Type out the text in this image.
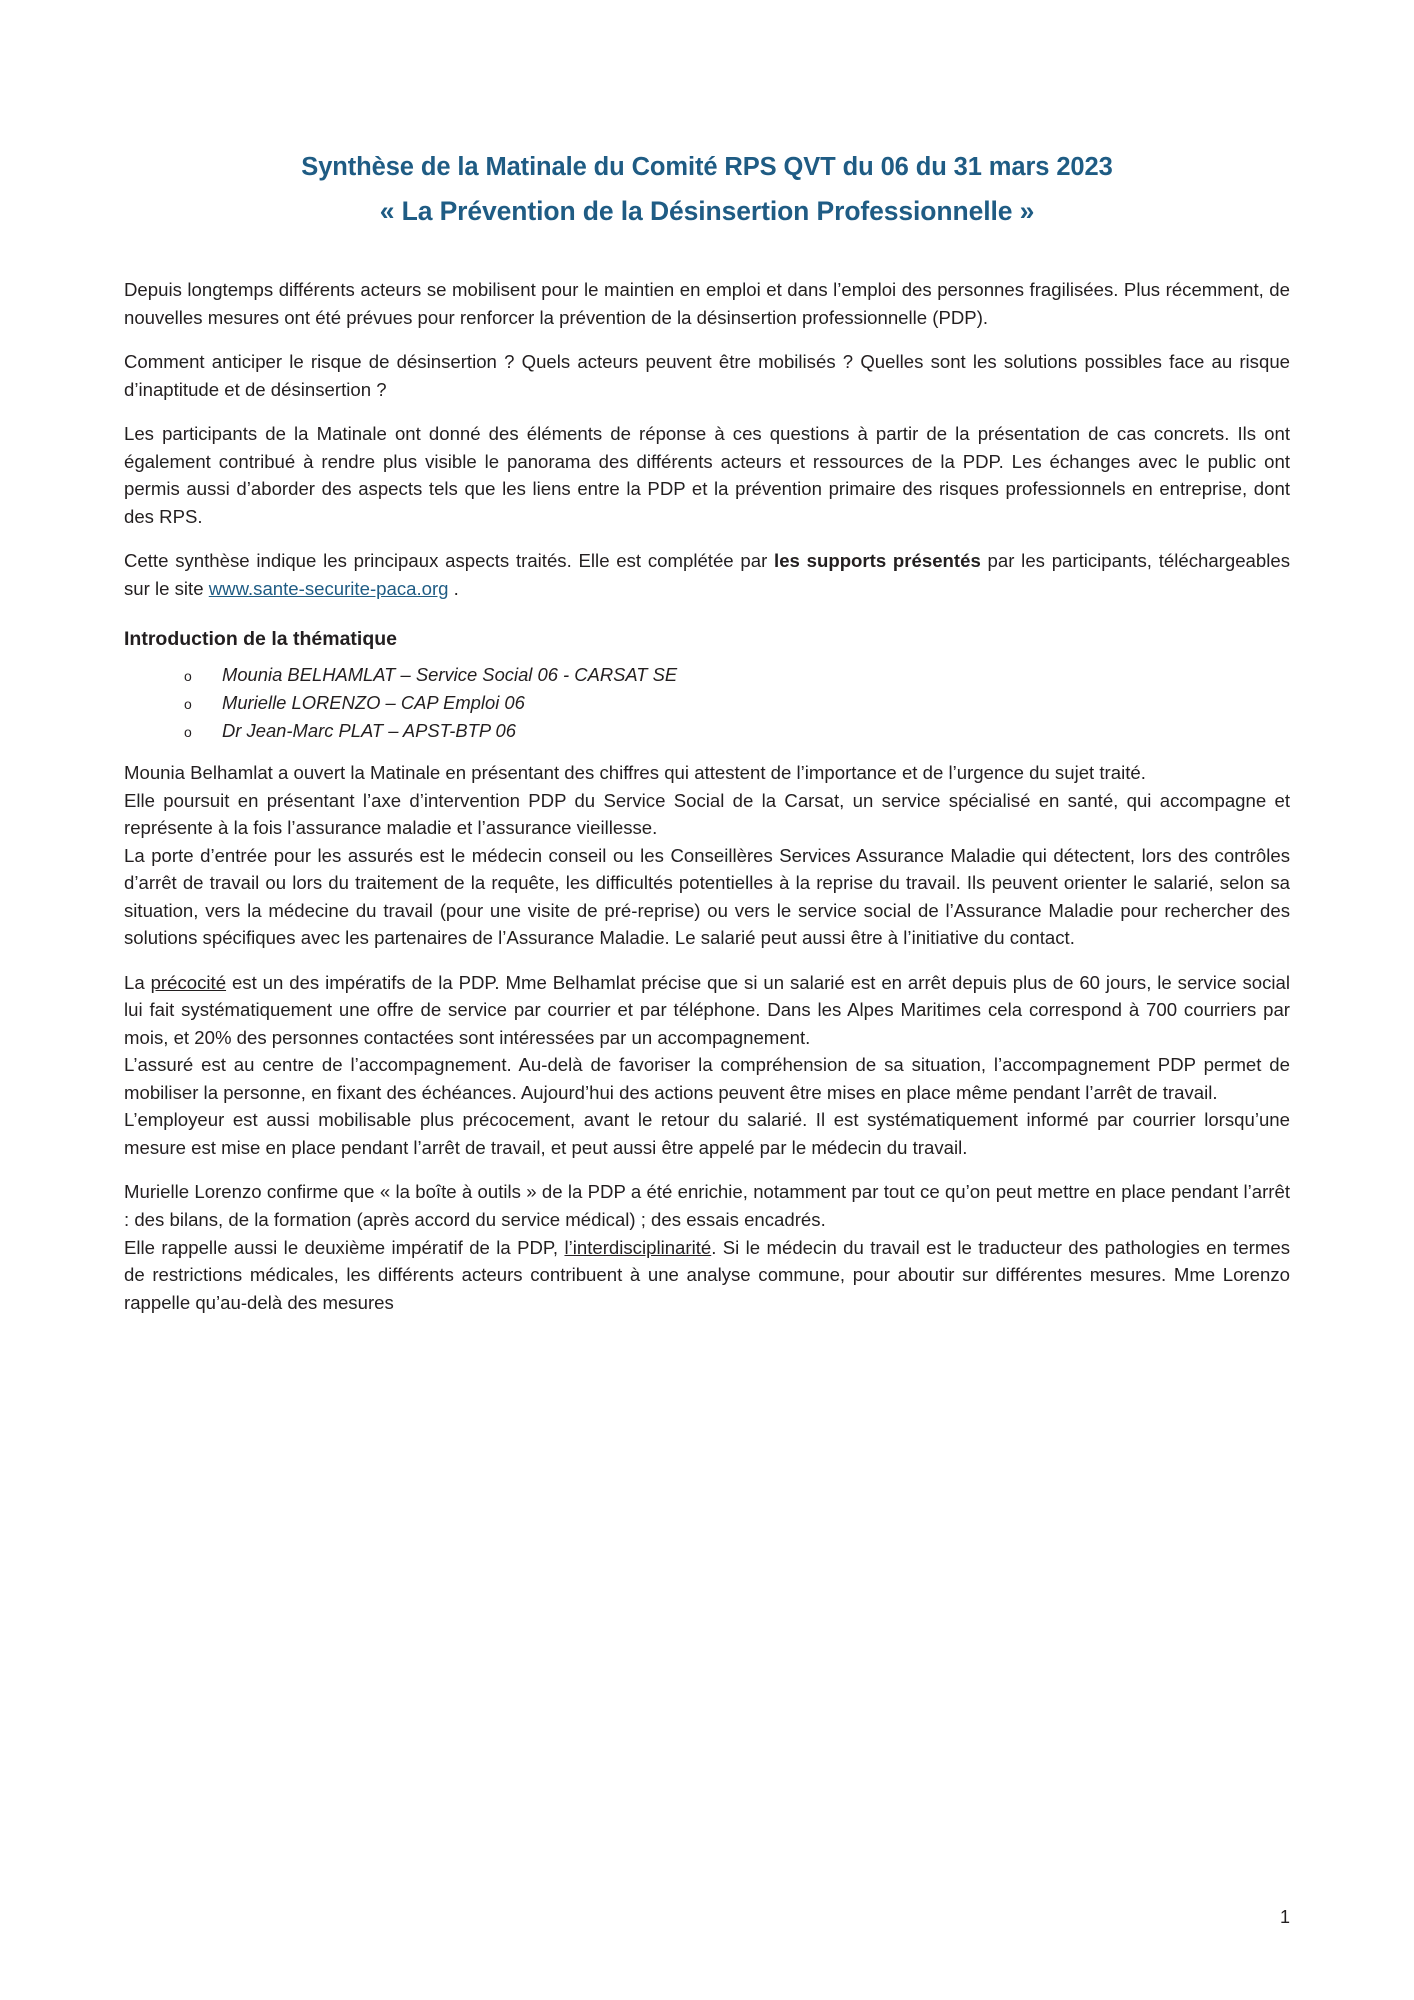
Synthèse de la Matinale du Comité RPS QVT du 06 du 31 mars 2023
« La Prévention de la Désinsertion Professionnelle »

Depuis longtemps différents acteurs se mobilisent pour le maintien en emploi et dans l’emploi des personnes fragilisées. Plus récemment, de nouvelles mesures ont été prévues pour renforcer la prévention de la désinsertion professionnelle (PDP).

Comment anticiper le risque de désinsertion ? Quels acteurs peuvent être mobilisés ? Quelles sont les solutions possibles face au risque d’inaptitude et de désinsertion ?

Les participants de la Matinale ont donné des éléments de réponse à ces questions à partir de la présentation de cas concrets. Ils ont également contribué à rendre plus visible le panorama des différents acteurs et ressources de la PDP. Les échanges avec le public ont permis aussi d’aborder des aspects tels que les liens entre la PDP et la prévention primaire des risques professionnels en entreprise, dont des RPS.

Cette synthèse indique les principaux aspects traités. Elle est complétée par les supports présentés par les participants, téléchargeables sur le site www.sante-securite-paca.org .

Introduction de la thématique
o	Mounia BELHAMLAT – Service Social 06 - CARSAT SE
o	Murielle LORENZO – CAP Emploi 06
o	Dr Jean-Marc PLAT – APST-BTP 06

Mounia Belhamlat a ouvert la Matinale en présentant des chiffres qui attestent de l’importance et de l’urgence du sujet traité.

Elle poursuit en présentant l’axe d’intervention PDP du Service Social de la Carsat, un service spécialisé en santé, qui accompagne et représente à la fois l’assurance maladie et l’assurance vieillesse.

La porte d’entrée pour les assurés est le médecin conseil ou les Conseillères Services Assurance Maladie qui détectent, lors des contrôles d’arrêt de travail ou lors du traitement de la requête, les difficultés potentielles à la reprise du travail. Ils peuvent orienter le salarié, selon sa situation, vers la médecine du travail (pour une visite de pré-reprise) ou vers le service social de l’Assurance Maladie pour rechercher des solutions spécifiques avec les partenaires de l’Assurance Maladie. Le salarié peut aussi être à l’initiative du contact.

La précocité est un des impératifs de la PDP. Mme Belhamlat précise que si un salarié est en arrêt depuis plus de 60 jours, le service social lui fait systématiquement une offre de service par courrier et par téléphone. Dans les Alpes Maritimes cela correspond à 700 courriers par mois, et 20% des personnes contactées sont intéressées par un accompagnement.

L’assuré est au centre de l’accompagnement. Au-delà de favoriser la compréhension de sa situation, l’accompagnement PDP permet de mobiliser la personne, en fixant des échéances. Aujourd’hui des actions peuvent être mises en place même pendant l’arrêt de travail.

L’employeur est aussi mobilisable plus précocement, avant le retour du salarié. Il est systématiquement informé par courrier lorsqu’une mesure est mise en place pendant l’arrêt de travail, et peut aussi être appelé par le médecin du travail.

Murielle Lorenzo confirme que « la boîte à outils » de la PDP a été enrichie, notamment par tout ce qu’on peut mettre en place pendant l’arrêt : des bilans, de la formation (après accord du service médical) ; des essais encadrés.

Elle rappelle aussi le deuxième impératif de la PDP, l’interdisciplinarité. Si le médecin du travail est le traducteur des pathologies en termes de restrictions médicales, les différents acteurs contribuent à une analyse commune, pour aboutir sur différentes mesures. Mme Lorenzo rappelle qu’au-delà des mesures

1
